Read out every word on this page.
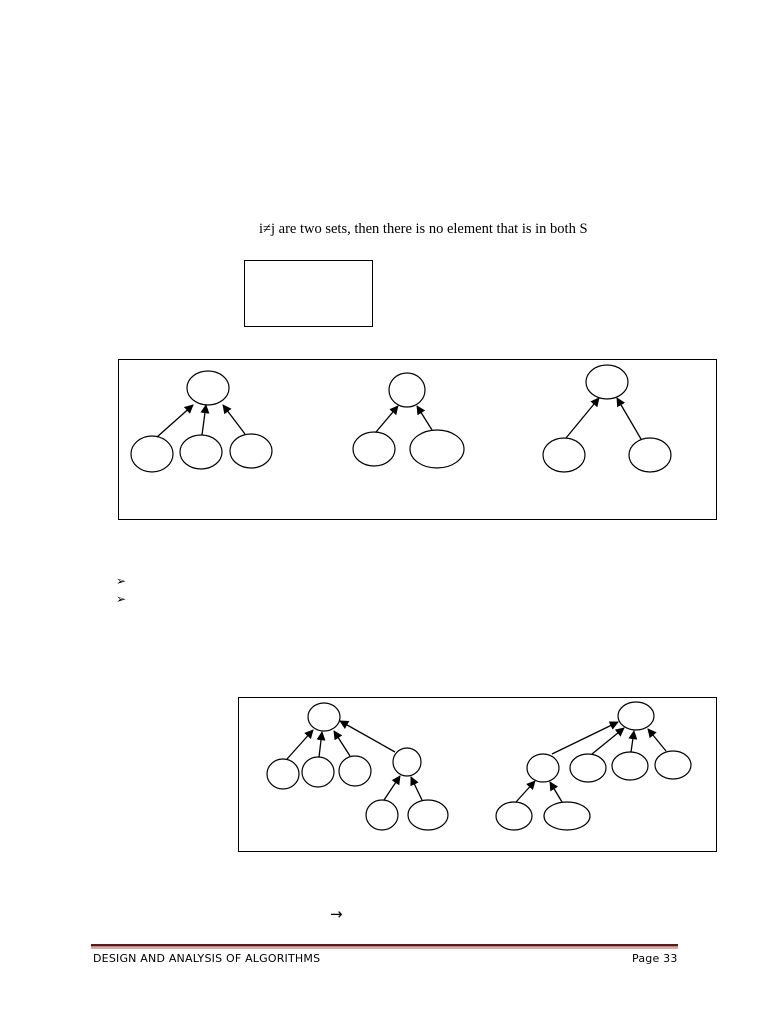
i≠j are two sets, then there is no element that is in both S
➢
➢
→
DESIGN AND ANALYSIS OF ALGORITHMS	Page 33
